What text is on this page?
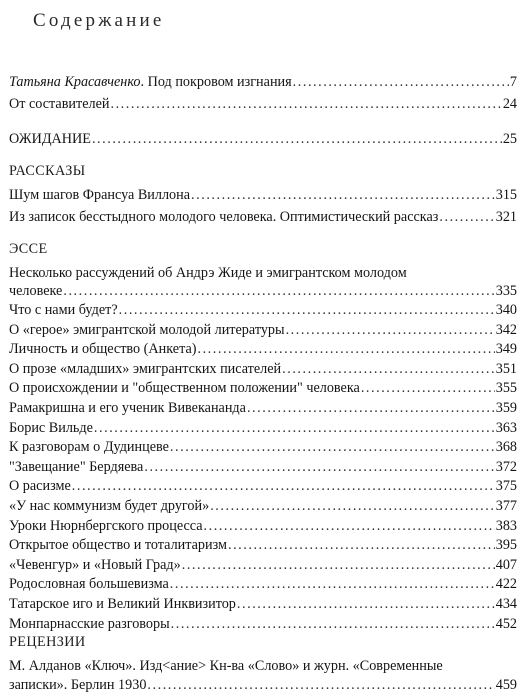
Содержание
Татьяна Красавченко. Под покровом изгнания . . .	7
От составителей . . .	24
ОЖИДАНИЕ . . .	25
РАССКАЗЫ
Шум шагов Франсуа Виллона . . .	315
Из записок бесстыдного молодого человека. Оптимистический рассказ . . .	321
ЭССЕ
Несколько рассуждений об Андрэ Жиде и эмигрантском молодом
человеке . . .	335
Что с нами будет? . . .	340
О «герое» эмигрантской молодой литературы . . .	342
Личность и общество (Анкета) . . .	349
О прозе «младших» эмигрантских писателей . . .	351
О происхождении и "общественном положении" человека . . .	355
Рамакришна и его ученик Вивекананда . . .	359
Борис Вильде . . .	363
К разговорам о Дудинцеве . . .	368
"Завещание" Бердяева . . .	372
О расизме . . .	375
«У нас коммунизм будет другой» . . .	377
Уроки Нюрнбергского процесса . . .	383
Открытое общество и тоталитаризм . . .	395
«Чевенгур» и «Новый Град» . . .	407
Родословная большевизма . . .	422
Татарское иго и Великий Инквизитор . . .	434
Монпарнасские разговоры . . .	452
РЕЦЕНЗИИ
М. Алданов «Ключ». Изд<ание> Кн-ва «Слово» и журн. «Современные
записки». Берлин 1930 . . .	459
